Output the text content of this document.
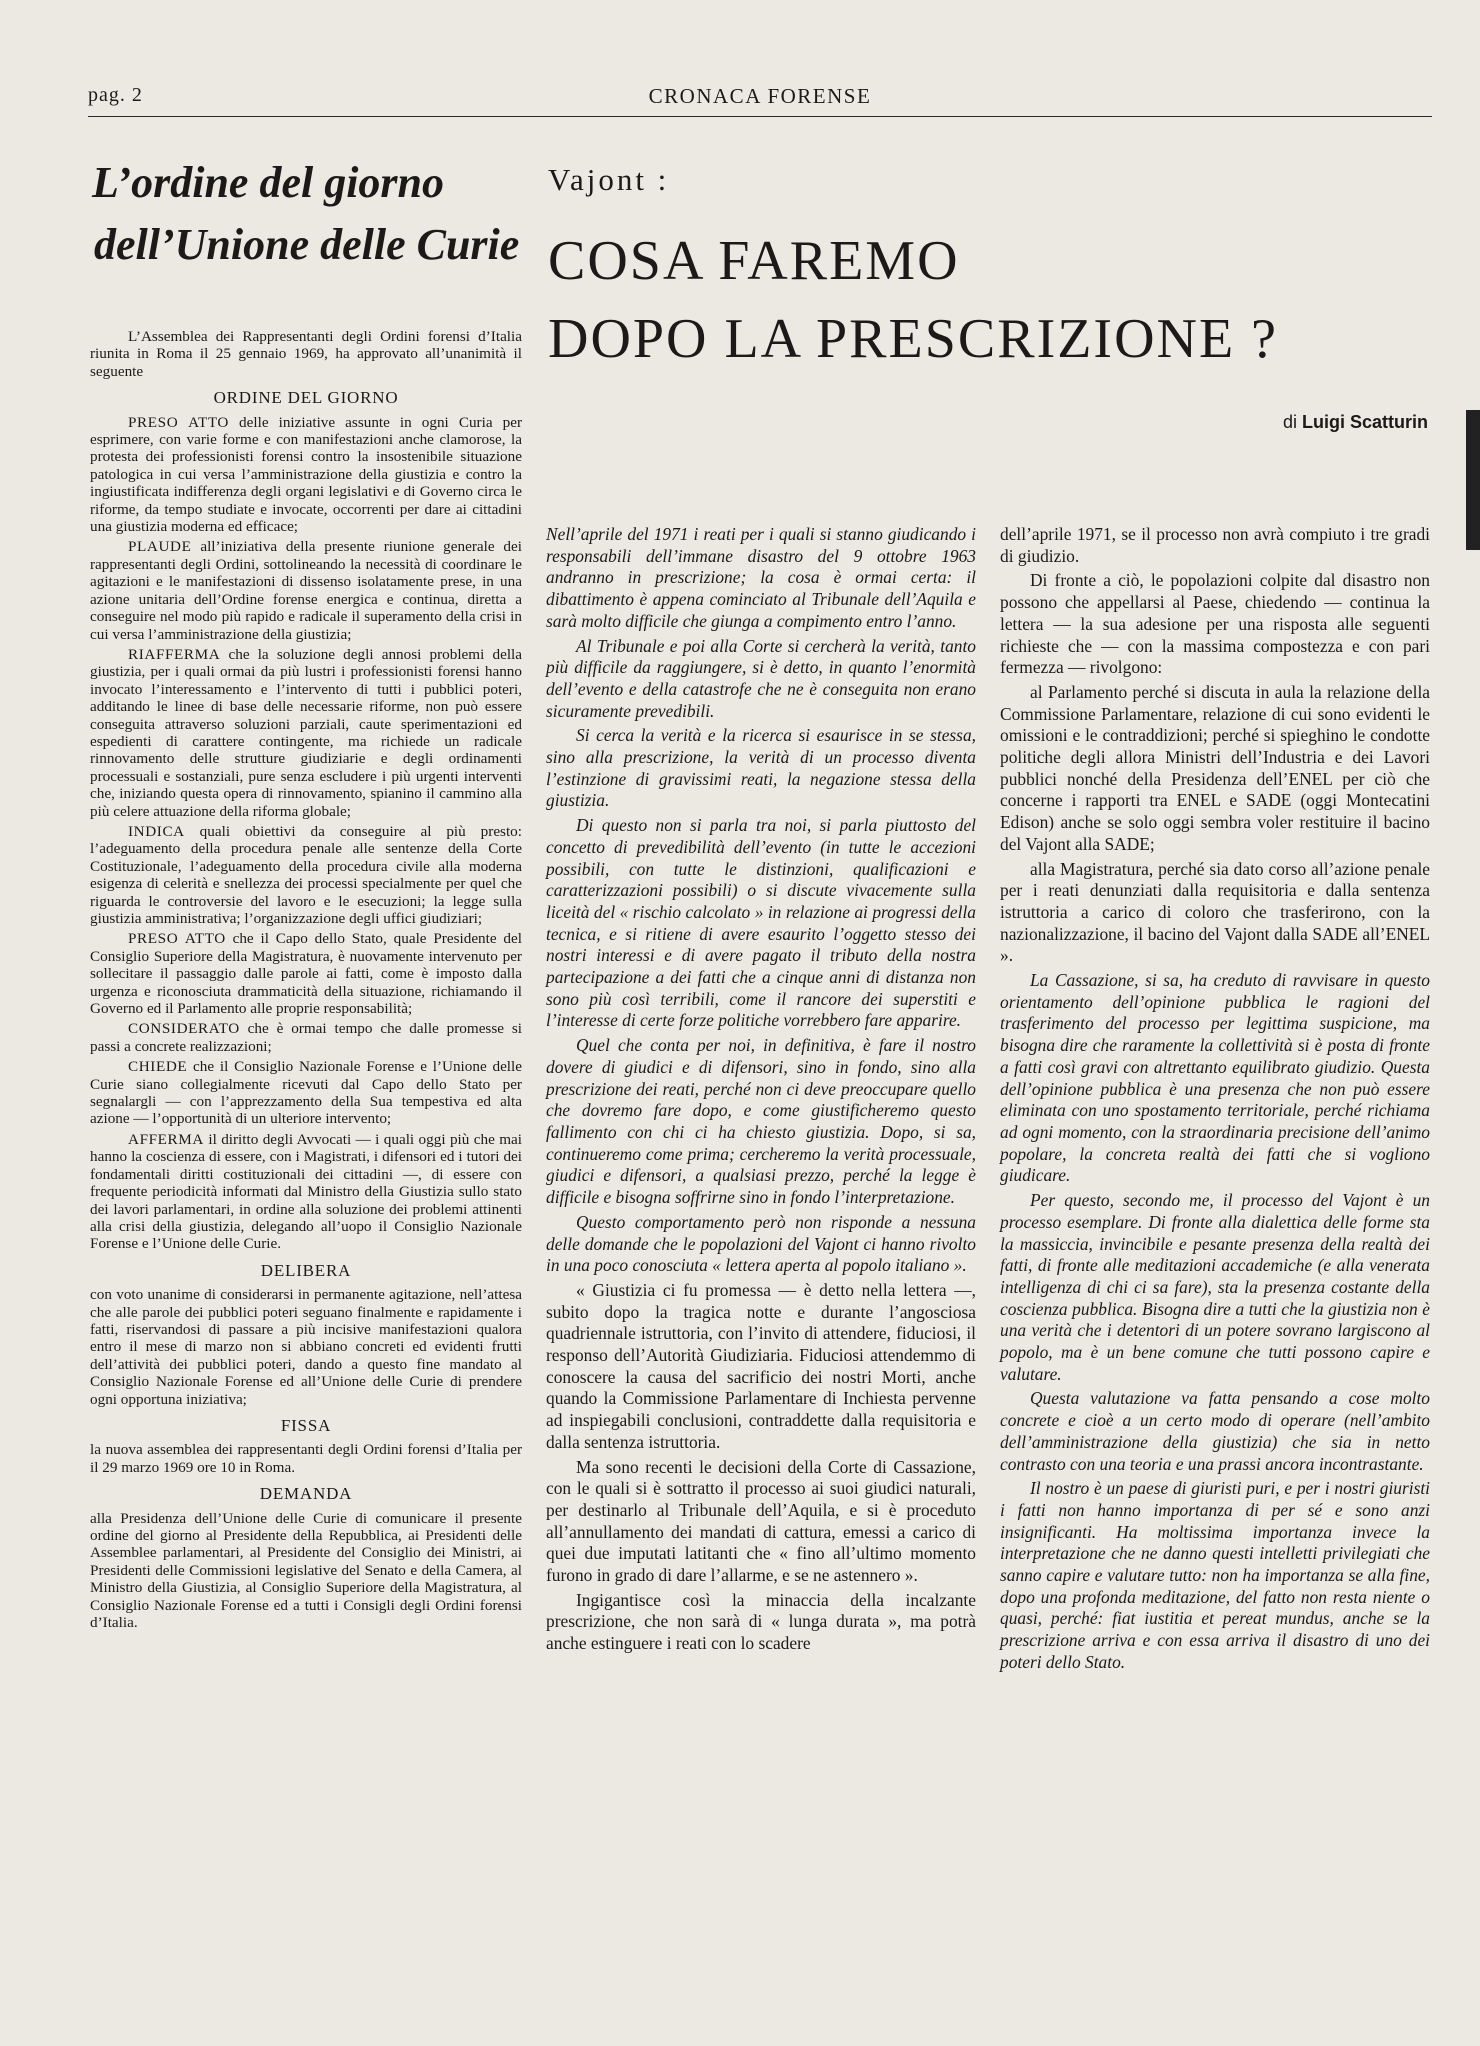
pag. 2	CRONACA FORENSE
L’ordine del giorno
dell’Unione delle Curie

L’Assemblea dei Rappresentanti degli Ordini forensi d’Italia riunita in Roma il 25 gennaio 1969, ha approvato all’unanimità il seguente

ORDINE DEL GIORNO

PRESO ATTO delle iniziative assunte in ogni Curia per esprimere, con varie forme e con manifestazioni anche clamorose, la protesta dei professionisti forensi contro la insostenibile situazione patologica in cui versa l’amministrazione della giustizia e contro la ingiustificata indifferenza degli organi legislativi e di Governo circa le riforme, da tempo studiate e invocate, occorrenti per dare ai cittadini una giustizia moderna ed efficace;

PLAUDE all’iniziativa della presente riunione generale dei rappresentanti degli Ordini, sottolineando la necessità di coordinare le agitazioni e le manifestazioni di dissenso isolatamente prese, in una azione unitaria dell’Ordine forense energica e continua, diretta a conseguire nel modo più rapido e radicale il superamento della crisi in cui versa l’amministrazione della giustizia;

RIAFFERMA che la soluzione degli annosi problemi della giustizia, per i quali ormai da più lustri i professionisti forensi hanno invocato l’interessamento e l’intervento di tutti i pubblici poteri, additando le linee di base delle necessarie riforme, non può essere conseguita attraverso soluzioni parziali, caute sperimentazioni ed espedienti di carattere contingente, ma richiede un radicale rinnovamento delle strutture giudiziarie e degli ordinamenti processuali e sostanziali, pure senza escludere i più urgenti interventi che, iniziando questa opera di rinnovamento, spianino il cammino alla più celere attuazione della riforma globale;

INDICA quali obiettivi da conseguire al più presto: l’adeguamento della procedura penale alle sentenze della Corte Costituzionale, l’adeguamento della procedura civile alla moderna esigenza di celerità e snellezza dei processi specialmente per quel che riguarda le controversie del lavoro e le esecuzioni; la legge sulla giustizia amministrativa; l’organizzazione degli uffici giudiziari;

PRESO ATTO che il Capo dello Stato, quale Presidente del Consiglio Superiore della Magistratura, è nuovamente intervenuto per sollecitare il passaggio dalle parole ai fatti, come è imposto dalla urgenza e riconosciuta drammaticità della situazione, richiamando il Governo ed il Parlamento alle proprie responsabilità;

CONSIDERATO che è ormai tempo che dalle promesse si passi a concrete realizzazioni;

CHIEDE che il Consiglio Nazionale Forense e l’Unione delle Curie siano collegialmente ricevuti dal Capo dello Stato per segnalargli — con l’apprezzamento della Sua tempestiva ed alta azione — l’opportunità di un ulteriore intervento;

AFFERMA il diritto degli Avvocati — i quali oggi più che mai hanno la coscienza di essere, con i Magistrati, i difensori ed i tutori dei fondamentali diritti costituzionali dei cittadini —, di essere con frequente periodicità informati dal Ministro della Giustizia sullo stato dei lavori parlamentari, in ordine alla soluzione dei problemi attinenti alla crisi della giustizia, delegando all’uopo il Consiglio Nazionale Forense e l’Unione delle Curie.

DELIBERA

con voto unanime di considerarsi in permanente agitazione, nell’attesa che alle parole dei pubblici poteri seguano finalmente e rapidamente i fatti, riservandosi di passare a più incisive manifestazioni qualora entro il mese di marzo non si abbiano concreti ed evidenti frutti dell’attività dei pubblici poteri, dando a questo fine mandato al Consiglio Nazionale Forense ed all’Unione delle Curie di prendere ogni opportuna iniziativa;

FISSA

la nuova assemblea dei rappresentanti degli Ordini forensi d’Italia per il 29 marzo 1969 ore 10 in Roma.

DEMANDA

alla Presidenza dell’Unione delle Curie di comunicare il presente ordine del giorno al Presidente della Repubblica, ai Presidenti delle Assemblee parlamentari, al Presidente del Consiglio dei Ministri, ai Presidenti delle Commissioni legislative del Senato e della Camera, al Ministro della Giustizia, al Consiglio Superiore della Magistratura, al Consiglio Nazionale Forense ed a tutti i Consigli degli Ordini forensi d’Italia.

Vajont :
COSA FAREMO
DOPO LA PRESCRIZIONE ?
di Luigi Scatturin

Nell’aprile del 1971 i reati per i quali si stanno giudicando i responsabili dell’immane disastro del 9 ottobre 1963 andranno in prescrizione; la cosa è ormai certa: il dibattimento è appena cominciato al Tribunale dell’Aquila e sarà molto difficile che giunga a compimento entro l’anno.

Al Tribunale e poi alla Corte si cercherà la verità, tanto più difficile da raggiungere, si è detto, in quanto l’enormità dell’evento e della catastrofe che ne è conseguita non erano sicuramente prevedibili.

Si cerca la verità e la ricerca si esaurisce in se stessa, sino alla prescrizione, la verità di un processo diventa l’estinzione di gravissimi reati, la negazione stessa della giustizia.

Di questo non si parla tra noi, si parla piuttosto del concetto di prevedibilità dell’evento (in tutte le accezioni possibili, con tutte le distinzioni, qualificazioni e caratterizzazioni possibili) o si discute vivacemente sulla liceità del « rischio calcolato » in relazione ai progressi della tecnica, e si ritiene di avere esaurito l’oggetto stesso dei nostri interessi e di avere pagato il tributo della nostra partecipazione a dei fatti che a cinque anni di distanza non sono più così terribili, come il rancore dei superstiti e l’interesse di certe forze politiche vorrebbero fare apparire.

Quel che conta per noi, in definitiva, è fare il nostro dovere di giudici e di difensori, sino in fondo, sino alla prescrizione dei reati, perché non ci deve preoccupare quello che dovremo fare dopo, e come giustificheremo questo fallimento con chi ci ha chiesto giustizia. Dopo, si sa, continueremo come prima; cercheremo la verità processuale, giudici e difensori, a qualsiasi prezzo, perché la legge è difficile e bisogna soffrirne sino in fondo l’interpretazione.

Questo comportamento però non risponde a nessuna delle domande che le popolazioni del Vajont ci hanno rivolto in una poco conosciuta « lettera aperta al popolo italiano ».

« Giustizia ci fu promessa — è detto nella lettera —, subito dopo la tragica notte e durante l’angosciosa quadriennale istruttoria, con l’invito di attendere, fiduciosi, il responso dell’Autorità Giudiziaria. Fiduciosi attendemmo di conoscere la causa del sacrificio dei nostri Morti, anche quando la Commissione Parlamentare di Inchiesta pervenne ad inspiegabili conclusioni, contraddette dalla requisitoria e dalla sentenza istruttoria.

Ma sono recenti le decisioni della Corte di Cassazione, con le quali si è sottratto il processo ai suoi giudici naturali, per destinarlo al Tribunale dell’Aquila, e si è proceduto all’annullamento dei mandati di cattura, emessi a carico di quei due imputati latitanti che « fino all’ultimo momento furono in grado di dare l’allarme, e se ne astennero ».

Ingigantisce così la minaccia della incalzante prescrizione, che non sarà di « lunga durata », ma potrà anche estinguere i reati con lo scadere

dell’aprile 1971, se il processo non avrà compiuto i tre gradi di giudizio.

Di fronte a ciò, le popolazioni colpite dal disastro non possono che appellarsi al Paese, chiedendo — continua la lettera — la sua adesione per una risposta alle seguenti richieste che — con la massima compostezza e con pari fermezza — rivolgono:

al Parlamento perché si discuta in aula la relazione della Commissione Parlamentare, relazione di cui sono evidenti le omissioni e le contraddizioni; perché si spieghino le condotte politiche degli allora Ministri dell’Industria e dei Lavori pubblici nonché della Presidenza dell’ENEL per ciò che concerne i rapporti tra ENEL e SADE (oggi Montecatini Edison) anche se solo oggi sembra voler restituire il bacino del Vajont alla SADE;

alla Magistratura, perché sia dato corso all’azione penale per i reati denunziati dalla requisitoria e dalla sentenza istruttoria a carico di coloro che trasferirono, con la nazionalizzazione, il bacino del Vajont dalla SADE all’ENEL ».

La Cassazione, si sa, ha creduto di ravvisare in questo orientamento dell’opinione pubblica le ragioni del trasferimento del processo per legittima suspicione, ma bisogna dire che raramente la collettività si è posta di fronte a fatti così gravi con altrettanto equilibrato giudizio. Questa dell’opinione pubblica è una presenza che non può essere eliminata con uno spostamento territoriale, perché richiama ad ogni momento, con la straordinaria precisione dell’animo popolare, la concreta realtà dei fatti che si vogliono giudicare.

Per questo, secondo me, il processo del Vajont è un processo esemplare. Di fronte alla dialettica delle forme sta la massiccia, invincibile e pesante presenza della realtà dei fatti, di fronte alle meditazioni accademiche (e alla venerata intelligenza di chi ci sa fare), sta la presenza costante della coscienza pubblica. Bisogna dire a tutti che la giustizia non è una verità che i detentori di un potere sovrano largiscono al popolo, ma è un bene comune che tutti possono capire e valutare.

Questa valutazione va fatta pensando a cose molto concrete e cioè a un certo modo di operare (nell’ambito dell’amministrazione della giustizia) che sia in netto contrasto con una teoria e una prassi ancora incontrastante.

Il nostro è un paese di giuristi puri, e per i nostri giuristi i fatti non hanno importanza di per sé e sono anzi insignificanti. Ha moltissima importanza invece la interpretazione che ne danno questi intelletti privilegiati che sanno capire e valutare tutto: non ha importanza se alla fine, dopo una profonda meditazione, del fatto non resta niente o quasi, perché: fiat iustitia et pereat mundus, anche se la prescrizione arriva e con essa arriva il disastro di uno dei poteri dello Stato.
